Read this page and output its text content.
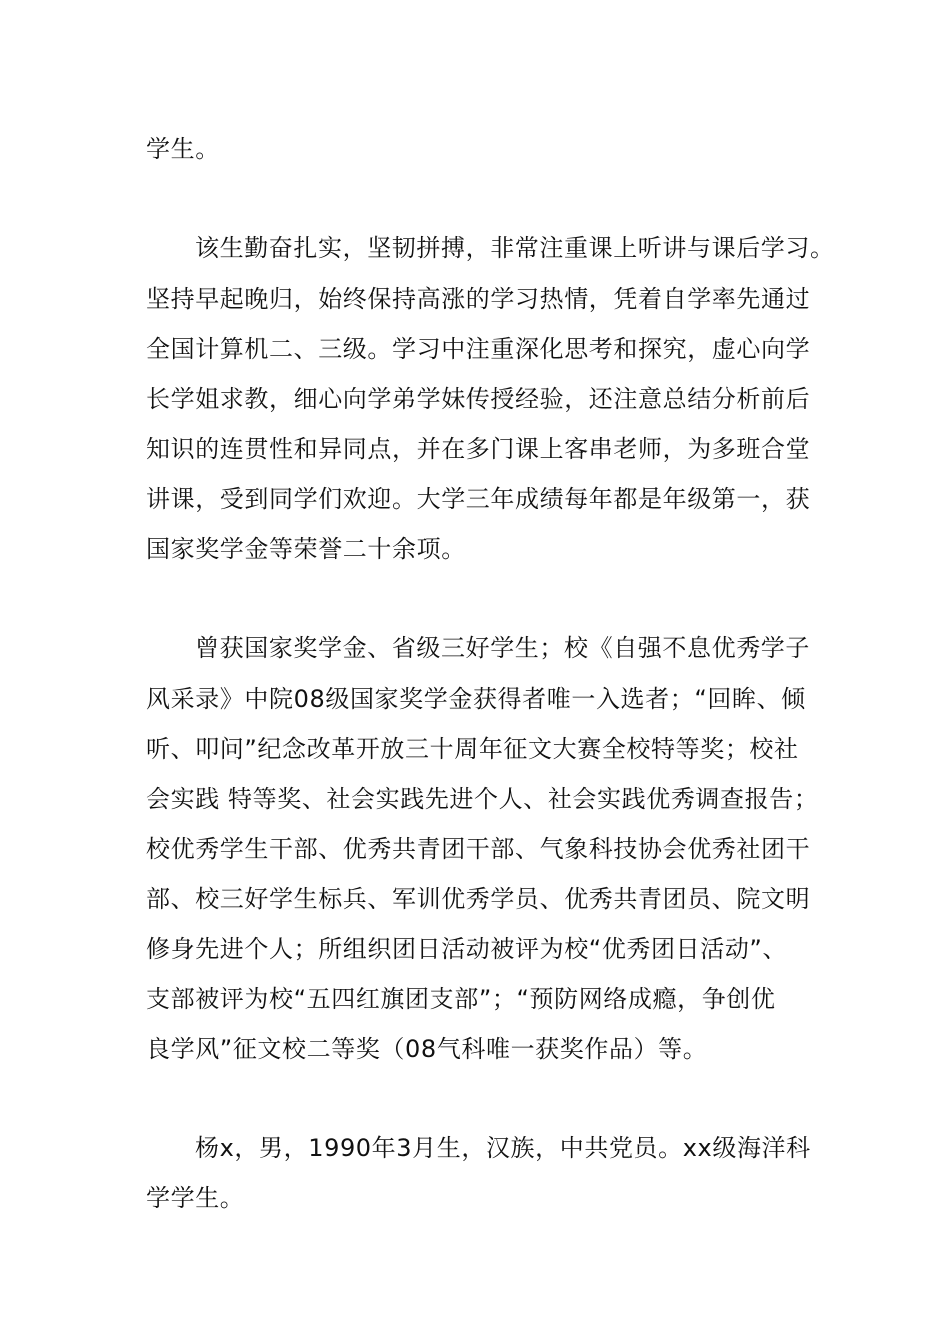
学生。
该生勤奋扎实，坚韧拼搏，非常注重课上听讲与课后学习。
坚持早起晚归，始终保持高涨的学习热情，凭着自学率先通过
全国计算机二、三级。学习中注重深化思考和探究，虚心向学
长学姐求教，细心向学弟学妹传授经验，还注意总结分析前后
知识的连贯性和异同点，并在多门课上客串老师，为多班合堂
讲课，受到同学们欢迎。大学三年成绩每年都是年级第一，获
国家奖学金等荣誉二十余项。
曾获国家奖学金、省级三好学生；校《自强不息优秀学子
风采录》中院08级国家奖学金获得者唯一入选者；“回眸、倾
听、叩问”纪念改革开放三十周年征文大赛全校特等奖；校社
会实践 特等奖、社会实践先进个人、社会实践优秀调查报告；
校优秀学生干部、优秀共青团干部、气象科技协会优秀社团干
部、校三好学生标兵、军训优秀学员、优秀共青团员、院文明
修身先进个人；所组织团日活动被评为校“优秀团日活动”、
支部被评为校“五四红旗团支部”；“预防网络成瘾，争创优
良学风”征文校二等奖（08气科唯一获奖作品）等。
杨x，男，1990年3月生，汉族，中共党员。xx级海洋科
学学生。
